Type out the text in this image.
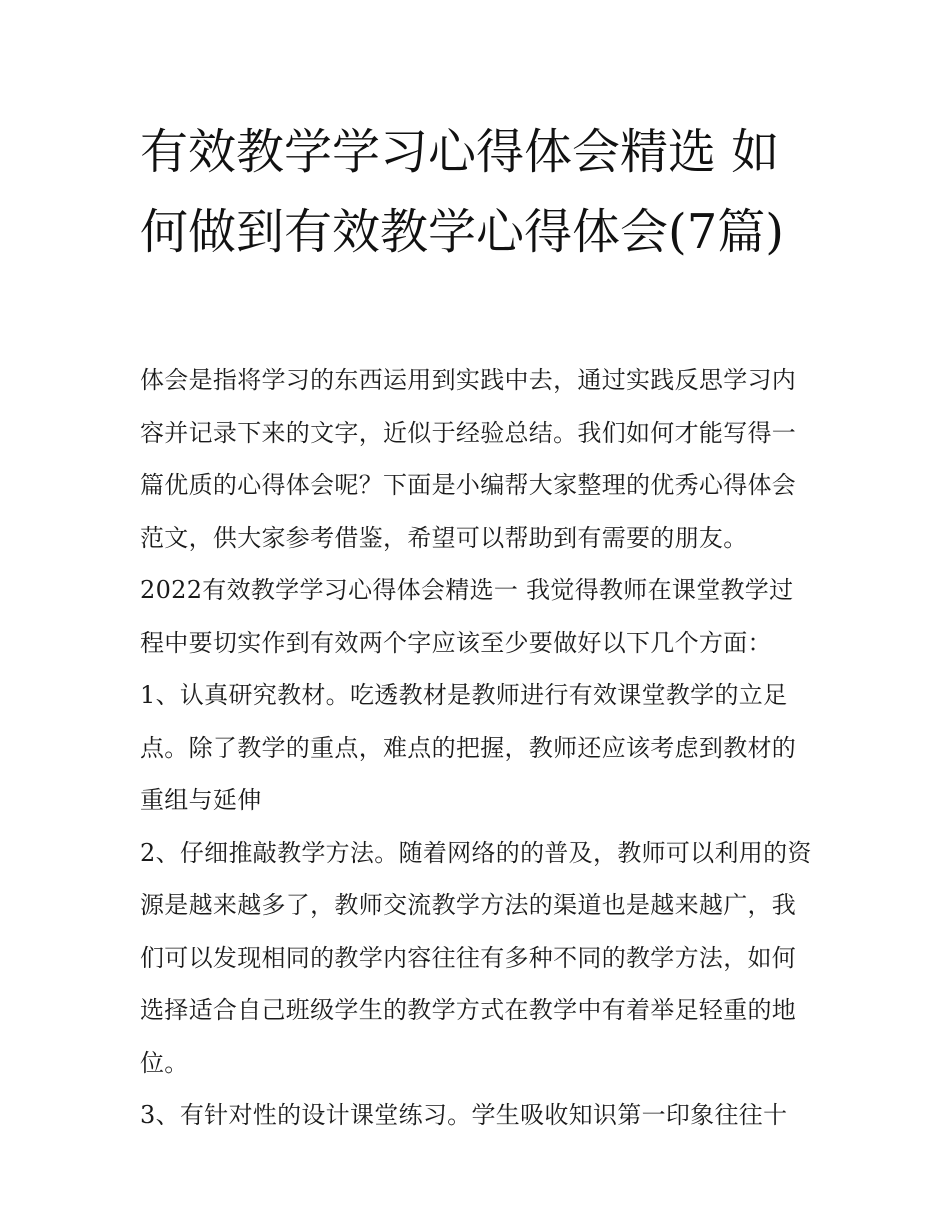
有效教学学习心得体会精选 如何做到有效教学心得体会(7篇)

体会是指将学习的东西运用到实践中去，通过实践反思学习内容并记录下来的文字，近似于经验总结。我们如何才能写得一篇优质的心得体会呢？下面是小编帮大家整理的优秀心得体会范文，供大家参考借鉴，希望可以帮助到有需要的朋友。

2022有效教学学习心得体会精选一 我觉得教师在课堂教学过程中要切实作到有效两个字应该至少要做好以下几个方面：

1、认真研究教材。吃透教材是教师进行有效课堂教学的立足点。除了教学的重点，难点的把握，教师还应该考虑到教材的重组与延伸

2、仔细推敲教学方法。随着网络的的普及，教师可以利用的资源是越来越多了，教师交流教学方法的渠道也是越来越广，我们可以发现相同的教学内容往往有多种不同的教学方法，如何选择适合自己班级学生的教学方式在教学中有着举足轻重的地位。

3、有针对性的设计课堂练习。学生吸收知识第一印象往往十
